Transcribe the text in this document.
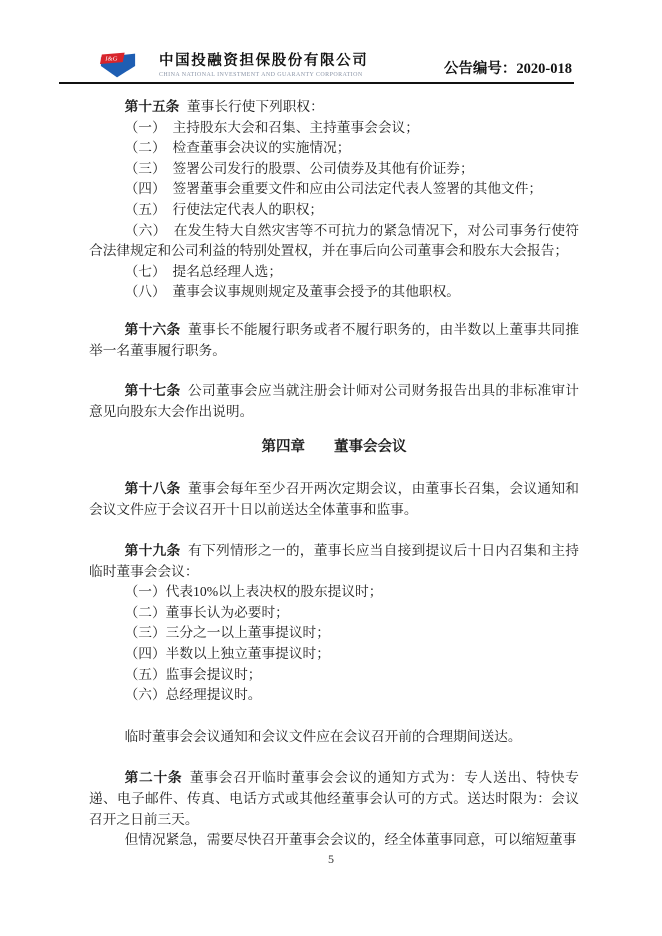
I&G	中国投融资担保股份有限公司
CHINA NATIONAL INVESTMENT AND GUARANTY CORPORATION	公告编号：2020-018

第十五条 董事长行使下列职权：

（一）　主持股东大会和召集、主持董事会会议；

（二）　检查董事会决议的实施情况；

（三）　签署公司发行的股票、公司债券及其他有价证券；

（四）　签署董事会重要文件和应由公司法定代表人签署的其他文件；

（五）　行使法定代表人的职权；

（六）　在发生特大自然灾害等不可抗力的紧急情况下，对公司事务行使符合法律规定和公司利益的特别处置权，并在事后向公司董事会和股东大会报告；

（七）　提名总经理人选；

（八）　董事会议事规则规定及董事会授予的其他职权。

第十六条 董事长不能履行职务或者不履行职务的，由半数以上董事共同推举一名董事履行职务。

第十七条 公司董事会应当就注册会计师对公司财务报告出具的非标准审计意见向股东大会作出说明。

第四章　　董事会会议

第十八条 董事会每年至少召开两次定期会议，由董事长召集，会议通知和会议文件应于会议召开十日以前送达全体董事和监事。

第十九条 有下列情形之一的，董事长应当自接到提议后十日内召集和主持临时董事会会议：

（一）代表10%以上表决权的股东提议时；

（二）董事长认为必要时；

（三）三分之一以上董事提议时；

（四）半数以上独立董事提议时；

（五）监事会提议时；

（六）总经理提议时。

临时董事会会议通知和会议文件应在会议召开前的合理期间送达。

第二十条 董事会召开临时董事会会议的通知方式为：专人送出、特快专递、电子邮件、传真、电话方式或其他经董事会认可的方式。送达时限为：会议召开之日前三天。

但情况紧急，需要尽快召开董事会会议的，经全体董事同意，可以缩短董事

5
